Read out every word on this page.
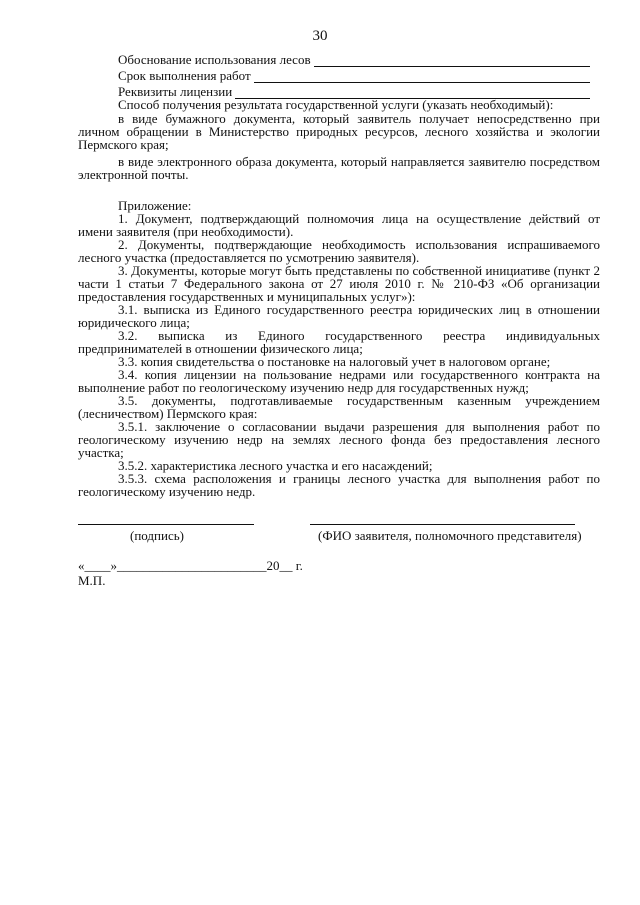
30
Обоснование использования лесов
Срок выполнения работ
Реквизиты лицензии
Способ получения результата государственной услуги (указать необходимый):
в виде бумажного документа, который заявитель получает непосредственно при личном обращении в Министерство природных ресурсов, лесного хозяйства и экологии Пермского края;
в виде электронного образа документа, который направляется заявителю посредством электронной почты.
Приложение:
1. Документ, подтверждающий полномочия лица на осуществление действий от имени заявителя (при необходимости).
2. Документы, подтверждающие необходимость использования испрашиваемого лесного участка (предоставляется по усмотрению заявителя).
3. Документы, которые могут быть представлены по собственной инициативе (пункт 2 части 1 статьи 7 Федерального закона от 27 июля 2010 г. № 210-ФЗ «Об организации предоставления государственных и муниципальных услуг»):
3.1. выписка из Единого государственного реестра юридических лиц в отношении юридического лица;
3.2. выписка из Единого государственного реестра индивидуальных предпринимателей в отношении физического лица;
3.3. копия свидетельства о постановке на налоговый учет в налоговом органе;
3.4. копия лицензии на пользование недрами или государственного контракта на выполнение работ по геологическому изучению недр для государственных нужд;
3.5. документы, подготавливаемые государственным казенным учреждением (лесничеством) Пермского края:
3.5.1. заключение о согласовании выдачи разрешения для выполнения работ по геологическому изучению недр на землях лесного фонда без предоставления лесного участка;
3.5.2. характеристика лесного участка и его насаждений;
3.5.3. схема расположения и границы лесного участка для выполнения работ по геологическому изучению недр.
(подпись)	(ФИО заявителя, полномочного представителя)
«____»_______________________20__ г.
М.П.
